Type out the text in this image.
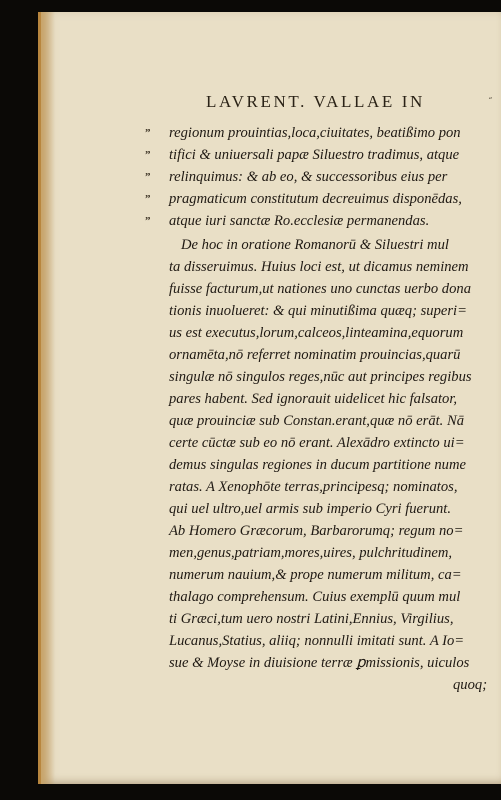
LAVRENT. VALLAE IN	˝
”
”
”
”
”
regionum prouintias,loca,ciuitates, beatißimo pon
tifici & uniuersali papæ Siluestro tradimus, atque
relinquimus: & ab eo, & successoribus eius per
pragmaticum constitutum decreuimus disponēdas,
atque iuri sanctæ Ro.ecclesiæ permanendas.
De hoc in oratione Romanorū & Siluestri mul
ta disseruimus. Huius loci est, ut dicamus neminem
fuisse facturum,ut nationes uno cunctas uerbo dona
tionis inuolueret: & qui minutißima quæq; superi=
us est executus,lorum,calceos,linteamina,equorum
ornamēta,nō referret nominatim prouincias,quarū
singulæ nō singulos reges,nūc aut principes regibus
pares habent. Sed ignorauit uidelicet hic falsator,
quæ prouinciæ sub Constan.erant,quæ nō erāt. Nā
certe cūctæ sub eo nō erant. Alexādro extincto ui=
demus singulas regiones in ducum partitione nume
ratas. A Xenophōte terras,principesq; nominatos,
qui uel ultro,uel armis sub imperio Cyri fuerunt.
Ab Homero Græcorum, Barbarorumq; regum no=
men,genus,patriam,mores,uires, pulchritudinem,
numerum nauium,& prope numerum militum, ca=
thalago comprehensum. Cuius exemplū quum mul
ti Græci,tum uero nostri Latini,Ennius, Virgilius,
Lucanus,Statius, aliiq; nonnulli imitati sunt. A Io=
sue & Moyse in diuisione terræ ꝑmissionis, uiculos
quoq;
